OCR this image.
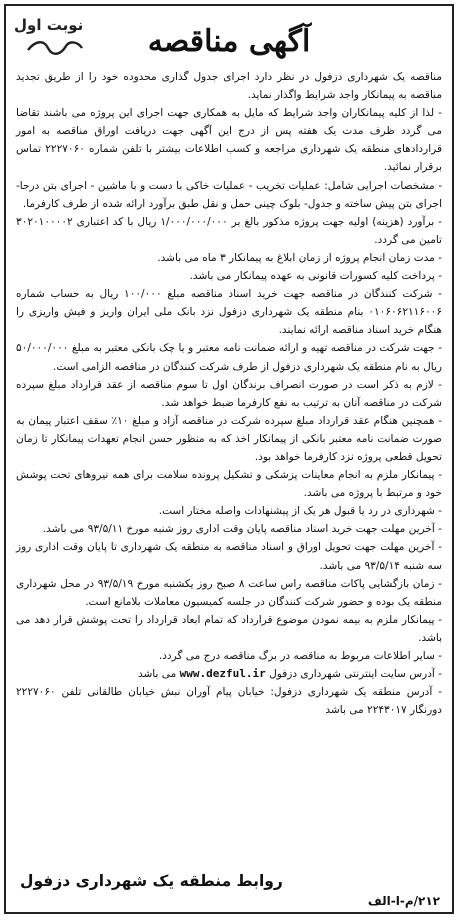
نوبت اول	آگهی مناقصه

مناقصه یک شهرداری دزفول در نظر دارد اجرای جدول گذاری محدوده خود را از طریق تجدید مناقصه به پیمانکار واجد شرایط واگذار نماید.

- لذا از کلیه پیمانکاران واجد شرایط که مایل به همکاری جهت اجرای این پروژه می باشند تقاضا می گردد ظرف مدت یک هفته پس از درج این آگهی جهت دریافت اوراق مناقصه به امور قراردادهای منطقه یک شهرداری مراجعه و کسب اطلاعات بیشتر با تلفن شماره ۲۲۲۷۰۶۰ تماس برقرار نمائید.

- مشخصات اجرایی شامل: عملیات تخریب - عملیات خاکی با دست و با ماشین - اجرای بتن درجا- اجرای بتن پیش ساخته و جدول- بلوک چینی حمل و نقل طبق برآورد ارائه شده از طرف کارفرما.

- برآورد (هزینه) اولیه جهت پروژه مذکور بالغ بر ۱/۰۰۰/۰۰۰/۰۰۰ ریال با کد اعتباری ۳۰۲۰۱۰۰۰۰۲ تامین می گردد.

- مدت زمان انجام پروژه از زمان ابلاغ به پیمانکار ۳ ماه می باشد.

- پرداخت کلیه کسورات قانونی به عهده پیمانکار می باشد.

- شرکت کنندگان در مناقصه جهت خرید اسناد مناقصه مبلغ ۱۰۰/۰۰۰ ریال به حساب شماره ۰۱۰۶۰۶۲۱۱۶۰۰۶ بنام منطقه یک شهرداری دزفول نزد بانک ملی ایران واریز و فیش واریزی را هنگام خرید اسناد مناقصه ارائه نمایند.

- جهت شرکت در مناقصه تهیه و ارائه ضمانت نامه معتبر و یا چک بانکی معتبر به مبلغ ۵۰/۰۰۰/۰۰۰ ریال به نام منطقه یک شهرداری دزفول از طرف شرکت کنندگان در مناقصه الزامی است.

- لازم به ذکر است در صورت انصراف برندگان اول تا سوم مناقصه از عقد قرارداد مبلغ سپرده شرکت در مناقصه آنان به ترتیب به نفع کارفرما ضبط خواهد شد.

- همچنین هنگام عقد قرارداد مبلغ سپرده شرکت در مناقصه آزاد و مبلغ ۱۰٪ سقف اعتبار پیمان به صورت ضمانت نامه معتبر بانکی از پیمانکار اخذ که به منظور حسن انجام تعهدات پیمانکار تا زمان تحویل قطعی پروژه نزد کارفرما خواهد بود.

- پیمانکار ملزم به انجام معاینات پزشکی و تشکیل پرونده سلامت برای همه نیروهای تحت پوشش خود و مرتبط با پروژه می باشد.

- شهرداری در رد یا قبول هر یک از پیشنهادات واصله مختار است.

- آخرین مهلت جهت خرید اسناد مناقصه پایان وقت اداری روز شنبه مورخ ۹۳/۵/۱۱ می باشد.

- آخرین مهلت جهت تحویل اوراق و اسناد مناقصه به منطقه یک شهرداری تا پایان وقت اداری روز سه شنبه ۹۳/۵/۱۴ می باشد.

- زمان بازگشایی پاکات مناقصه راس ساعت ۸ صبح روز یکشنبه مورخ ۹۳/۵/۱۹ در محل شهرداری منطقه یک بوده و حضور شرکت کنندگان در جلسه کمیسیون معاملات بلامانع است.

- پیمانکار ملزم به بیمه نمودن موضوع قرارداد که تمام ابعاد قرارداد را تحت پوشش قرار دهد می باشد.

- سایر اطلاعات مربوط به مناقصه در برگ مناقصه درج می گردد.

- آدرس سایت اینترنتی شهرداری دزفول www.dezful.ir می باشد

- آدرس منطقه یک شهرداری دزفول: خیابان پیام آوران نبش خیابان طالقانی تلفن ۲۲۲۷۰۶۰ دورنگار ۲۲۴۳۰۱۷ می باشد

روابط منطقه یک شهرداری دزفول
۲۱۲/م-ا-الف
